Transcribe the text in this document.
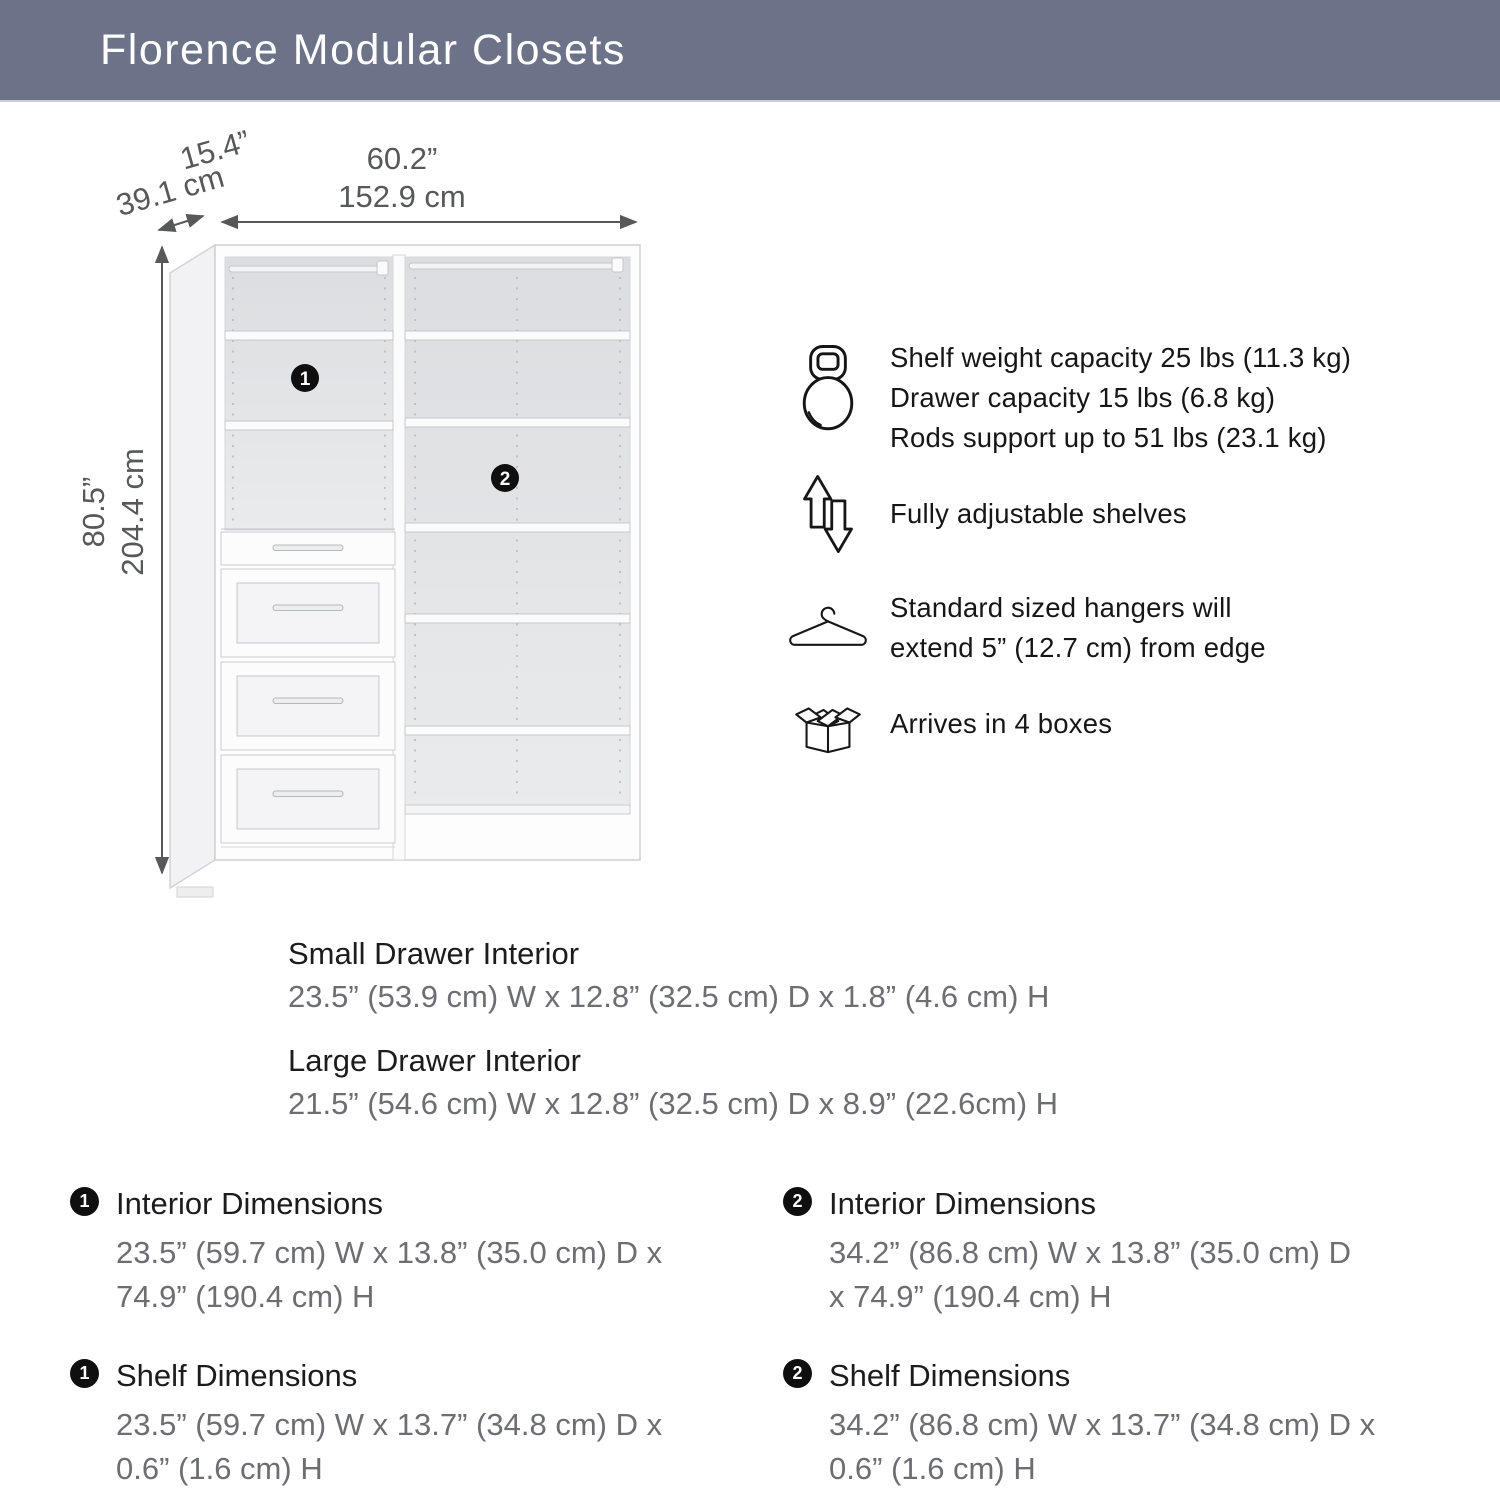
Florence Modular Closets
1
2
60.2”
152.9 cm
15.4”
39.1 cm
80.5” 204.4 cm
Shelf weight capacity 25 lbs (11.3 kg)
Drawer capacity 15 lbs (6.8 kg)
Rods support up to 51 lbs (23.1 kg)
Fully adjustable shelves
Standard sized hangers will
extend 5” (12.7 cm) from edge
Arrives in 4 boxes
Small Drawer Interior
23.5” (53.9 cm) W x 12.8” (32.5 cm) D x 1.8” (4.6 cm) H
Large Drawer Interior
21.5” (54.6 cm) W x 12.8” (32.5 cm) D x 8.9” (22.6cm) H
1 Interior Dimensions
23.5” (59.7 cm) W x 13.8” (35.0 cm) D x
74.9” (190.4 cm) H
2 Interior Dimensions
34.2” (86.8 cm) W x 13.8” (35.0 cm) D
x 74.9” (190.4 cm) H
1 Shelf Dimensions
23.5” (59.7 cm) W x 13.7” (34.8 cm) D x
0.6” (1.6 cm) H
2 Shelf Dimensions
34.2” (86.8 cm) W x 13.7” (34.8 cm) D x
0.6” (1.6 cm) H
